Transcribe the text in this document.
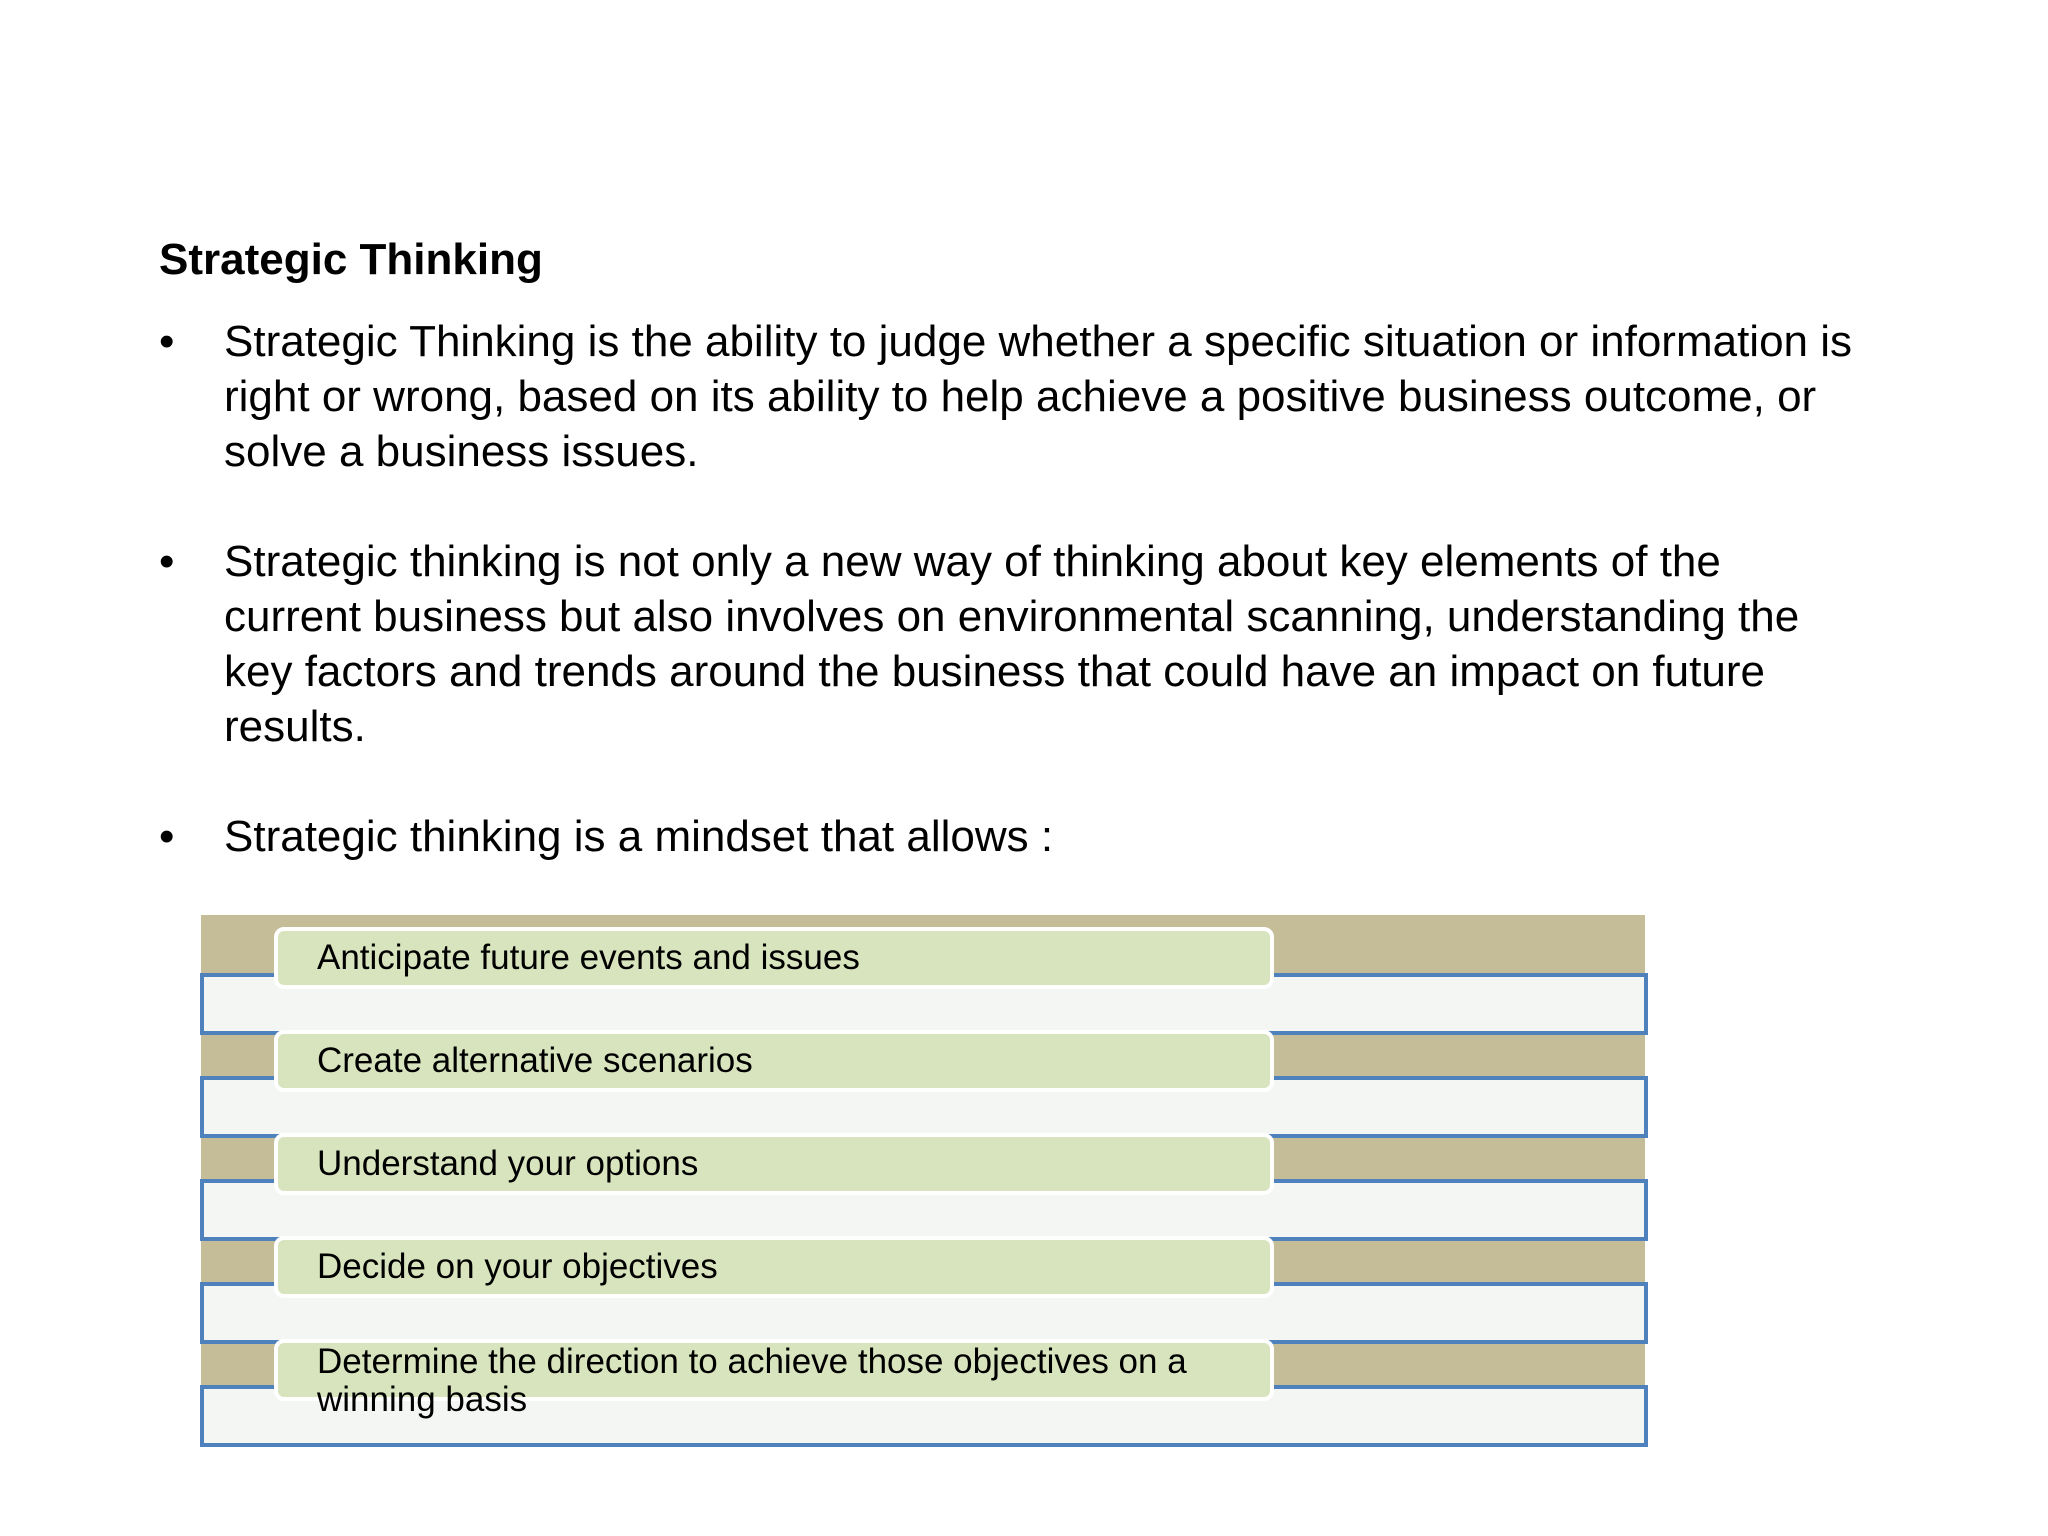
Strategic Thinking
•	Strategic Thinking is the ability to judge whether a specific situation or information is right or wrong, based on its ability to help achieve a positive business outcome, or solve a business issues.
•	Strategic thinking is not only a new way of thinking about key elements of the current business but also involves on environmental scanning, understanding the key factors and trends around the business that could have an impact on future results.
•	Strategic thinking is a mindset that allows :
Anticipate future events and issues
Create alternative scenarios
Understand your options
Decide on your objectives
Determine the direction to achieve those objectives on a winning basis
